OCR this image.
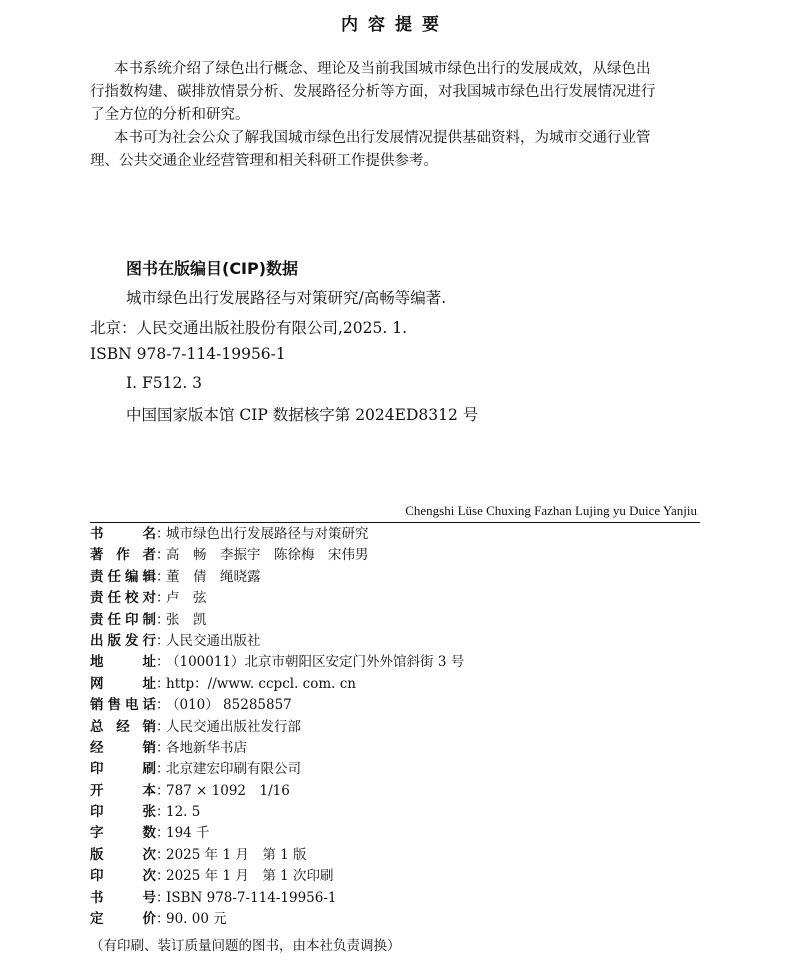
内容提要
本书系统介绍了绿色出行概念、理论及当前我国城市绿色出行的发展成效，从绿色出
行指数构建、碳排放情景分析、发展路径分析等方面，对我国城市绿色出行发展情况进行
了全方位的分析和研究。
本书可为社会公众了解我国城市绿色出行发展情况提供基础资料，为城市交通行业管
理、公共交通企业经营管理和相关科研工作提供参考。
图书在版编目(CIP)数据
城市绿色出行发展路径与对策研究/高畅等编著.
北京：人民交通出版社股份有限公司,2025. 1.
ISBN 978-7-114-19956-1
Ⅰ. F512. 3
中国国家版本馆 CIP 数据核字第 2024ED8312 号
Chengshi Lüse Chuxing Fazhan Lujing yu Duice Yanjiu
书名：城市绿色出行发展路径与对策研究
著作者：高　畅　李振宇　陈徐梅　宋伟男
责任编辑：董　倩　绳晓露
责任校对：卢　弦
责任印制：张　凯
出版发行：人民交通出版社
地址：（100011）北京市朝阳区安定门外外馆斜街 3 号
网址：http：//www. ccpcl. com. cn
销售电话：（010） 85285857
总经销：人民交通出版社发行部
经销：各地新华书店
印刷：北京建宏印刷有限公司
开本：787 × 1092　1/16
印张：12. 5
字数：194 千
版次：2025 年 1 月　第 1 版
印次：2025 年 1 月　第 1 次印刷
书号：ISBN 978-7-114-19956-1
定价：90. 00 元
（有印刷、装订质量问题的图书，由本社负责调换）
